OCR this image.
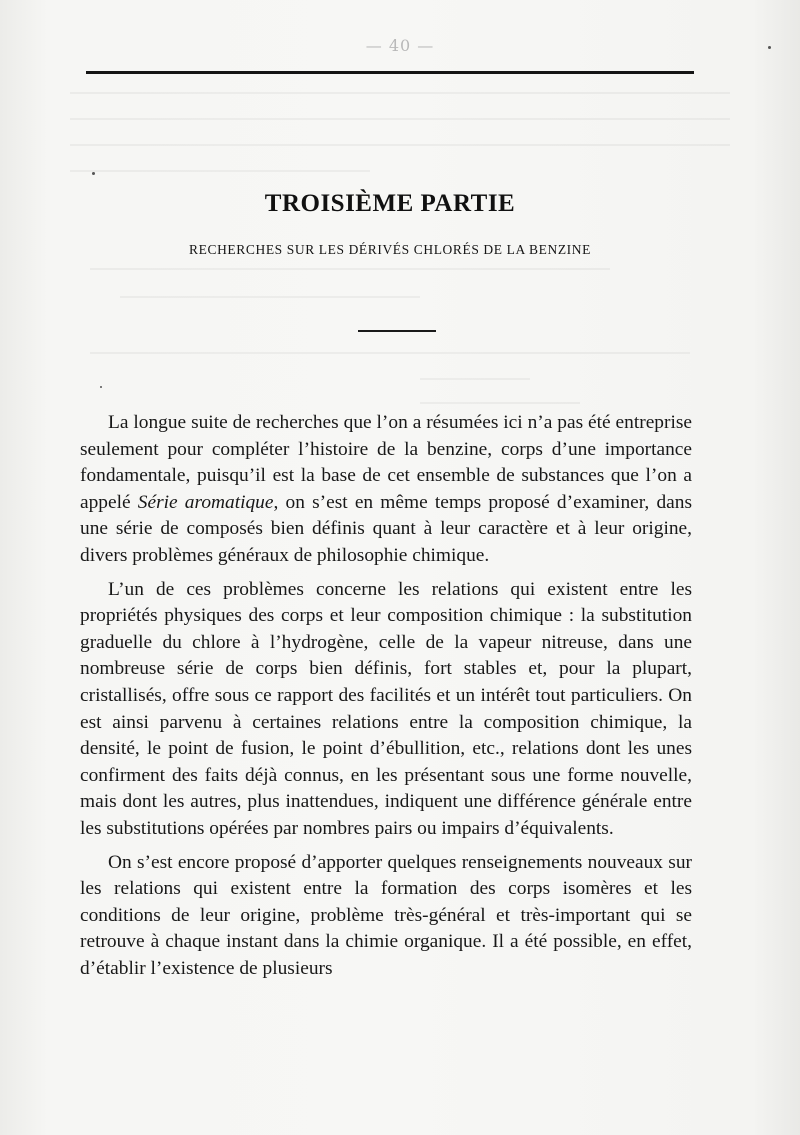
— 40 —
TROISIÈME PARTIE
RECHERCHES SUR LES DÉRIVÉS CHLORÉS DE LA BENZINE

La longue suite de recherches que l’on a résumées ici n’a pas été entreprise seulement pour compléter l’histoire de la benzine, corps d’une importance fondamentale, puisqu’il est la base de cet ensemble de substances que l’on a appelé Série aromatique, on s’est en même temps proposé d’examiner, dans une série de composés bien définis quant à leur caractère et à leur origine, divers problèmes généraux de philosophie chimique.

L’un de ces problèmes concerne les relations qui existent entre les propriétés physiques des corps et leur composition chimique : la substitution graduelle du chlore à l’hydrogène, celle de la vapeur nitreuse, dans une nombreuse série de corps bien définis, fort stables et, pour la plupart, cristallisés, offre sous ce rapport des facilités et un intérêt tout particuliers. On est ainsi parvenu à certaines relations entre la composition chimique, la densité, le point de fusion, le point d’ébullition, etc., relations dont les unes confirment des faits déjà connus, en les présentant sous une forme nouvelle, mais dont les autres, plus inattendues, indiquent une différence générale entre les substitutions opérées par nombres pairs ou impairs d’équivalents.

On s’est encore proposé d’apporter quelques renseignements nouveaux sur les relations qui existent entre la formation des corps isomères et les conditions de leur origine, problème très-général et très-important qui se retrouve à chaque instant dans la chimie organique. Il a été possible, en effet, d’établir l’existence de plusieurs
